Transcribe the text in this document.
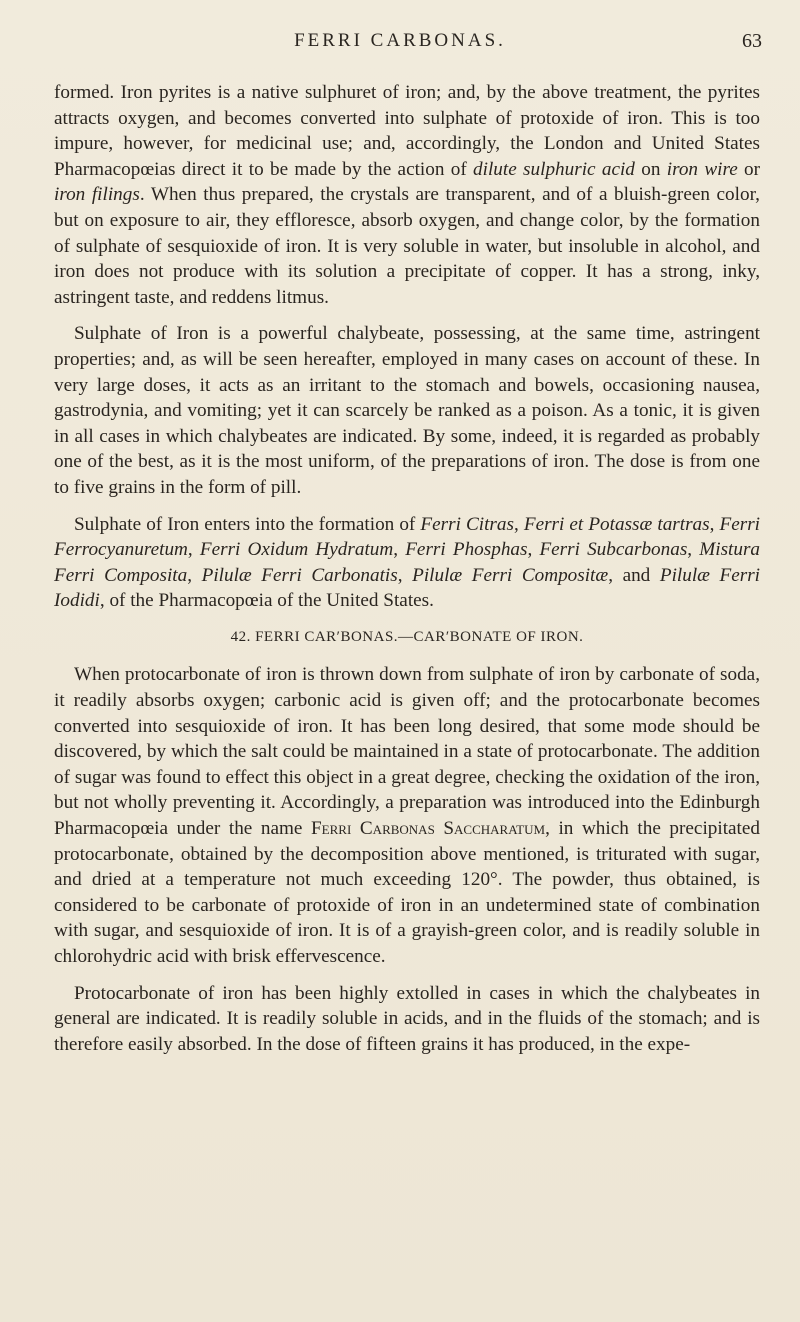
FERRI CARBONAS.	63

formed. Iron pyrites is a native sulphuret of iron; and, by the above treatment, the pyrites attracts oxygen, and becomes converted into sulphate of protoxide of iron. This is too impure, however, for medicinal use; and, accordingly, the London and United States Pharmacopœias direct it to be made by the action of dilute sulphuric acid on iron wire or iron filings. When thus prepared, the crystals are transparent, and of a bluish-green color, but on exposure to air, they effloresce, absorb oxygen, and change color, by the formation of sulphate of sesquioxide of iron. It is very soluble in water, but insoluble in alcohol, and iron does not produce with its solution a precipitate of copper. It has a strong, inky, astringent taste, and reddens litmus.

Sulphate of Iron is a powerful chalybeate, possessing, at the same time, astringent properties; and, as will be seen hereafter, employed in many cases on account of these. In very large doses, it acts as an irritant to the stomach and bowels, occasioning nausea, gastrodynia, and vomiting; yet it can scarcely be ranked as a poison. As a tonic, it is given in all cases in which chalybeates are indicated. By some, indeed, it is regarded as probably one of the best, as it is the most uniform, of the preparations of iron. The dose is from one to five grains in the form of pill.

Sulphate of Iron enters into the formation of Ferri Citras, Ferri et Potassæ tartras, Ferri Ferrocyanuretum, Ferri Oxidum Hydratum, Ferri Phosphas, Ferri Subcarbonas, Mistura Ferri Composita, Pilulæ Ferri Carbonatis, Pilulæ Ferri Compositæ, and Pilulæ Ferri Iodidi, of the Pharmacopœia of the United States.

42. FERRI CAR′BONAS.—CAR′BONATE OF IRON.

When protocarbonate of iron is thrown down from sulphate of iron by carbonate of soda, it readily absorbs oxygen; carbonic acid is given off; and the protocarbonate becomes converted into sesquioxide of iron. It has been long desired, that some mode should be discovered, by which the salt could be maintained in a state of protocarbonate. The addition of sugar was found to effect this object in a great degree, checking the oxidation of the iron, but not wholly preventing it. Accordingly, a preparation was introduced into the Edinburgh Pharmacopœia under the name Ferri Carbonas Saccharatum, in which the precipitated protocarbonate, obtained by the decomposition above mentioned, is triturated with sugar, and dried at a temperature not much exceeding 120°. The powder, thus obtained, is considered to be carbonate of protoxide of iron in an undetermined state of combination with sugar, and sesquioxide of iron. It is of a grayish-green color, and is readily soluble in chlorohydric acid with brisk effervescence.

Protocarbonate of iron has been highly extolled in cases in which the chalybeates in general are indicated. It is readily soluble in acids, and in the fluids of the stomach; and is therefore easily absorbed. In the dose of fifteen grains it has produced, in the expe-
